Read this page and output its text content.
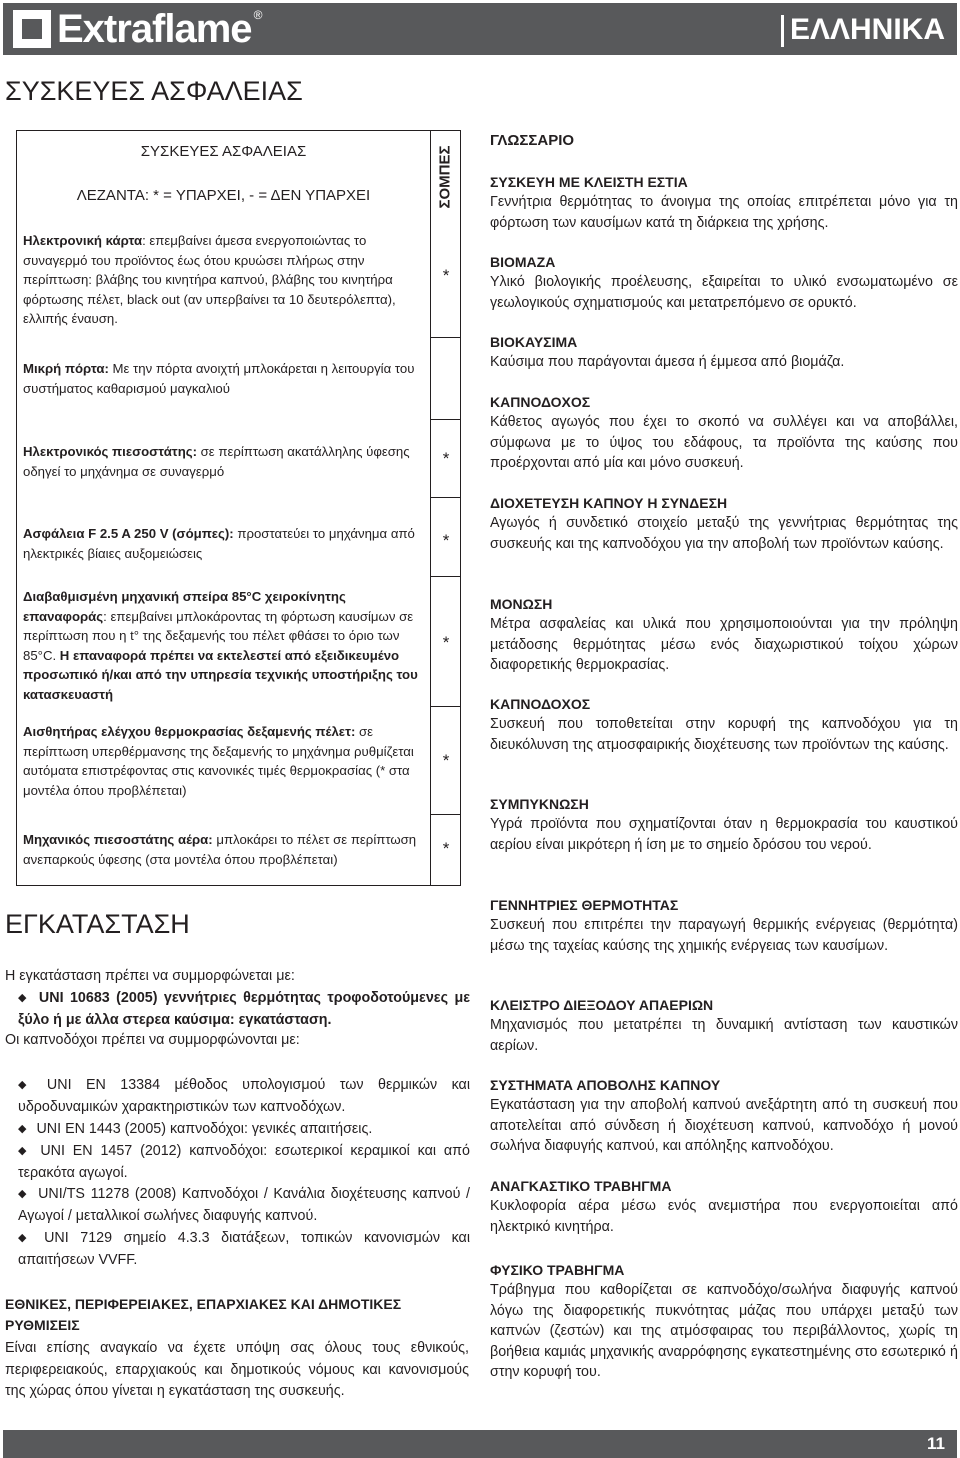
Extraflame ®	ΕΛΛΗΝΙΚΑ
ΣΥΣΚΕΥΕΣ ΑΣΦΑΛΕΙΑΣ
ΣΥΣΚΕΥΕΣ ΑΣΦΑΛΕΙΑΣ
ΛΕΖΑΝΤΑ: * = ΥΠΑΡΧΕΙ, - = ΔΕΝ ΥΠΑΡΧΕΙ	ΣΟΜΠΕΣ
Ηλεκτρονική κάρτα: επεμβαίνει άμεσα ενεργοποιώντας το συναγερμό του προϊόντος έως ότου κρυώσει πλήρως στην περίπτωση: βλάβης του κινητήρα καπνού, βλάβης του κινητήρα φόρτωσης πέλετ, black out (αν υπερβαίνει τα 10 δευτερόλεπτα), ελλιπής έναυση.
*
Μικρή πόρτα: Με την πόρτα ανοιχτή μπλοκάρεται η λειτουργία του συστήματος καθαρισμού μαγκαλιού
Ηλεκτρονικός πιεσοστάτης: σε περίπτωση ακατάλληλης ύφεσης οδηγεί το μηχάνημα σε συναγερμό
*
Ασφάλεια F 2.5 A 250 V (σόμπες): προστατεύει το μηχάνημα από ηλεκτρικές βίαιες αυξομειώσεις
*
Διαβαθμισμένη μηχανική σπείρα 85°C χειροκίνητης επαναφοράς: επεμβαίνει μπλοκάροντας τη φόρτωση καυσίμων σε περίπτωση που η t° της δεξαμενής του πέλετ φθάσει το όριο των 85°C. Η επαναφορά πρέπει να εκτελεστεί από εξειδικευμένο προσωπικό ή/και από την υπηρεσία τεχνικής υποστήριξης του κατασκευαστή
*
Αισθητήρας ελέγχου θερμοκρασίας δεξαμενής πέλετ: σε περίπτωση υπερθέρμανσης της δεξαμενής το μηχάνημα ρυθμίζεται αυτόματα επιστρέφοντας στις κανονικές τιμές θερμοκρασίας (* στα μοντέλα όπου προβλέπεται)
*
Μηχανικός πιεσοστάτης αέρα: μπλοκάρει το πέλετ σε περίπτωση ανεπαρκούς ύφεσης (στα μοντέλα όπου προβλέπεται)
*
ΕΓΚΑΤΑΣΤΑΣΗ
Η εγκατάσταση πρέπει να συμμορφώνεται με:
◆ UNI 10683 (2005) γεννήτριες θερμότητας τροφοδοτούμενες με ξύλο ή με άλλα στερεα καύσιμα: εγκατάσταση.
Οι καπνοδόχοι πρέπει να συμμορφώνονται με:
◆ UNI EN 13384 μέθοδος υπολογισμού των θερμικών και υδροδυναμικών χαρακτηριστικών των καπνοδόχων.
◆ UNI EN 1443 (2005) καπνοδόχοι: γενικές απαιτήσεις.
◆ UNI EN 1457 (2012) καπνοδόχοι: εσωτερικοί κεραμικοί και από τερακότα αγωγοί.
◆ UNI/TS 11278 (2008) Καπνοδόχοι / Κανάλια διοχέτευσης καπνού / Αγωγοί / μεταλλικοί σωλήνες διαφυγής καπνού.
◆ UNI 7129 σημείο 4.3.3 διατάξεων, τοπικών κανονισμών και απαιτήσεων VVFF.
ΕΘΝΙΚΕΣ, ΠΕΡΙΦΕΡΕΙΑΚΕΣ, ΕΠΑΡΧΙΑΚΕΣ ΚΑΙ ΔΗΜΟΤΙΚΕΣ ΡΥΘΜΙΣΕΙΣ
Είναι επίσης αναγκαίο να έχετε υπόψη σας όλους τους εθνικούς, περιφερειακούς, επαρχιακούς και δημοτικούς νόμους και κανονισμούς της χώρας όπου γίνεται η εγκατάσταση της συσκευής.
ΓΛΩΣΣΑΡΙΟ
ΣΥΣΚΕΥΗ ΜΕ ΚΛΕΙΣΤΗ ΕΣΤΙΑ
Γεννήτρια θερμότητας το άνοιγμα της οποίας επιτρέπεται μόνο για τη φόρτωση των καυσίμων κατά τη διάρκεια της χρήσης.
ΒΙΟΜΑΖΑ
Υλικό βιολογικής προέλευσης, εξαιρείται το υλικό ενσωματωμένο σε γεωλογικούς σχηματισμούς και μετατρεπόμενο σε ορυκτό.
ΒΙΟΚΑΥΣΙΜΑ
Καύσιμα που παράγονται άμεσα ή έμμεσα από βιομάζα.
ΚΑΠΝΟΔΟΧΟΣ
Κάθετος αγωγός που έχει το σκοπό να συλλέγει και να αποβάλλει, σύμφωνα με το ύψος του εδάφους, τα προϊόντα της καύσης που προέρχονται από μία και μόνο συσκευή.
ΔΙΟΧΕΤΕΥΣΗ ΚΑΠΝΟΥ Η ΣΥΝΔΕΣΗ
Αγωγός ή συνδετικό στοιχείο μεταξύ της γεννήτριας θερμότητας της συσκευής και της καπνοδόχου για την αποβολή των προϊόντων καύσης.
ΜΟΝΩΣΗ
Μέτρα ασφαλείας και υλικά που χρησιμοποιούνται για την πρόληψη μετάδοσης θερμότητας μέσω ενός διαχωριστικού τοίχου χώρων διαφορετικής θερμοκρασίας.
ΚΑΠΝΟΔΟΧΟΣ
Συσκευή που τοποθετείται στην κορυφή της καπνοδόχου για τη διευκόλυνση της ατμοσφαιρικής διοχέτευσης των προϊόντων της καύσης.
ΣΥΜΠΥΚΝΩΣΗ
Υγρά προϊόντα που σχηματίζονται όταν η θερμοκρασία του καυστικού αερίου είναι μικρότερη ή ίση με το σημείο δρόσου του νερού.
ΓΕΝΝΗΤΡΙΕΣ ΘΕΡΜΟΤΗΤΑΣ
Συσκευή που επιτρέπει την παραγωγή θερμικής ενέργειας (θερμότητα) μέσω της ταχείας καύσης της χημικής ενέργειας των καυσίμων.
ΚΛΕΙΣΤΡΟ ΔΙΕΞΟΔΟΥ ΑΠΑΕΡΙΩΝ
Μηχανισμός που μετατρέπει τη δυναμική αντίσταση των καυστικών αερίων.
ΣΥΣΤΗΜΑΤΑ ΑΠΟΒΟΛΗΣ ΚΑΠΝΟΥ
Εγκατάσταση για την αποβολή καπνού ανεξάρτητη από τη συσκευή που αποτελείται από σύνδεση ή διοχέτευση καπνού, καπνοδόχο ή μονού σωλήνα διαφυγής καπνού, και απόληξης καπνοδόχου.
ΑΝΑΓΚΑΣΤΙΚΟ ΤΡΑΒΗΓΜΑ
Κυκλοφορία αέρα μέσω ενός ανεμιστήρα που ενεργοποιείται από ηλεκτρικό κινητήρα.
ΦΥΣΙΚΟ ΤΡΑΒΗΓΜΑ
Τράβηγμα που καθορίζεται σε καπνοδόχο/σωλήνα διαφυγής καπνού λόγω της διαφορετικής πυκνότητας μάζας που υπάρχει μεταξύ των καπνών (ζεστών) και της ατμόσφαιρας του περιβάλλοντος, χωρίς τη βοήθεια καμιάς μηχανικής αναρρόφησης εγκατεστημένης στο εσωτερικό ή στην κορυφή του.
11
